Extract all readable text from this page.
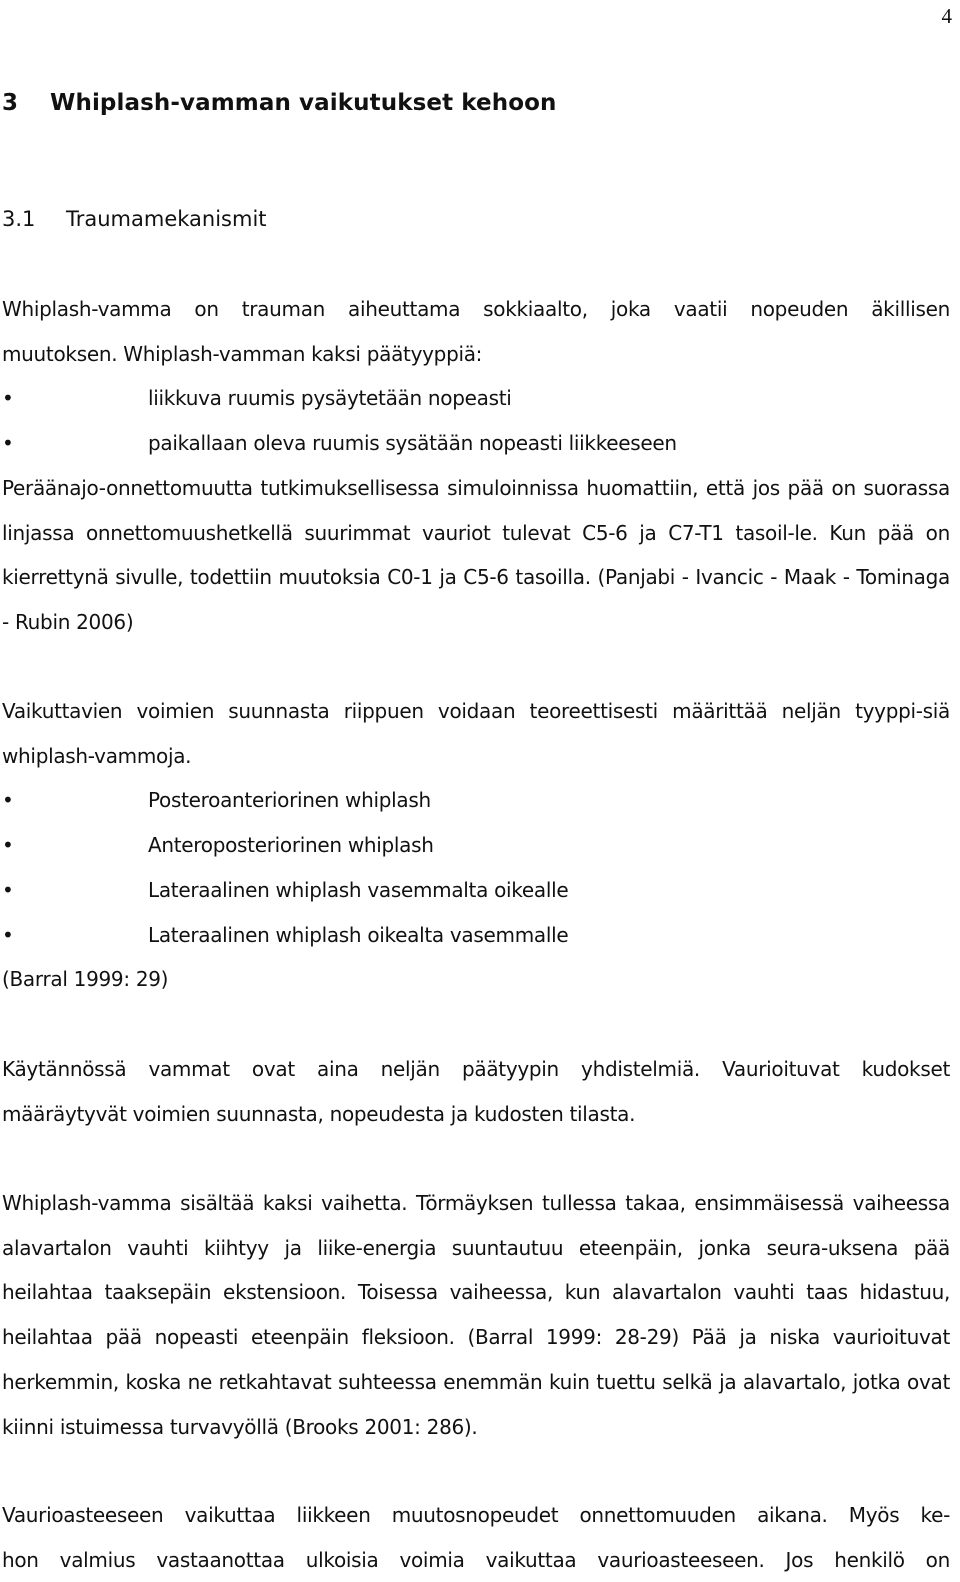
4
3 Whiplash-vamman vaikutukset kehoon
3.1 Traumamekanismit
Whiplash-vamma on trauman aiheuttama sokkiaalto, joka vaatii nopeuden äkillisen
muutoksen. Whiplash-vamman kaksi päätyyppiä:
•	liikkuva ruumis pysäytetään nopeasti
•	paikallaan oleva ruumis sysätään nopeasti liikkeeseen

Peräänajo-onnettomuutta tutkimuksellisessa simuloinnissa huomattiin, että jos pää on suorassa linjassa onnettomuushetkellä suurimmat vauriot tulevat C5-6 ja C7-T1 tasoil-le. Kun pää on kierrettynä sivulle, todettiin muutoksia C0-1 ja C5-6 tasoilla. (Panjabi - Ivancic - Maak - Tominaga - Rubin 2006)

Vaikuttavien voimien suunnasta riippuen voidaan teoreettisesti määrittää neljän tyyppi-siä whiplash-vammoja.

•	Posteroanteriorinen whiplash
•	Anteroposteriorinen whiplash
•	Lateraalinen whiplash vasemmalta oikealle
•	Lateraalinen whiplash oikealta vasemmalle
(Barral 1999: 29)

Käytännössä vammat ovat aina neljän päätyypin yhdistelmiä. Vaurioituvat kudokset määräytyvät voimien suunnasta, nopeudesta ja kudosten tilasta.

Whiplash-vamma sisältää kaksi vaihetta. Törmäyksen tullessa takaa, ensimmäisessä vaiheessa alavartalon vauhti kiihtyy ja liike-energia suuntautuu eteenpäin, jonka seura-uksena pää heilahtaa taaksepäin ekstensioon. Toisessa vaiheessa, kun alavartalon vauhti taas hidastuu, heilahtaa pää nopeasti eteenpäin fleksioon. (Barral 1999: 28-29) Pää ja niska vaurioituvat herkemmin, koska ne retkahtavat suhteessa enemmän kuin tuettu selkä ja alavartalo, jotka ovat kiinni istuimessa turvavyöllä (Brooks 2001: 286).

Vaurioasteeseen vaikuttaa liikkeen muutosnopeudet onnettomuuden aikana. Myös ke-
hon valmius vastaanottaa ulkoisia voimia vaikuttaa vaurioasteeseen. Jos henkilö on
